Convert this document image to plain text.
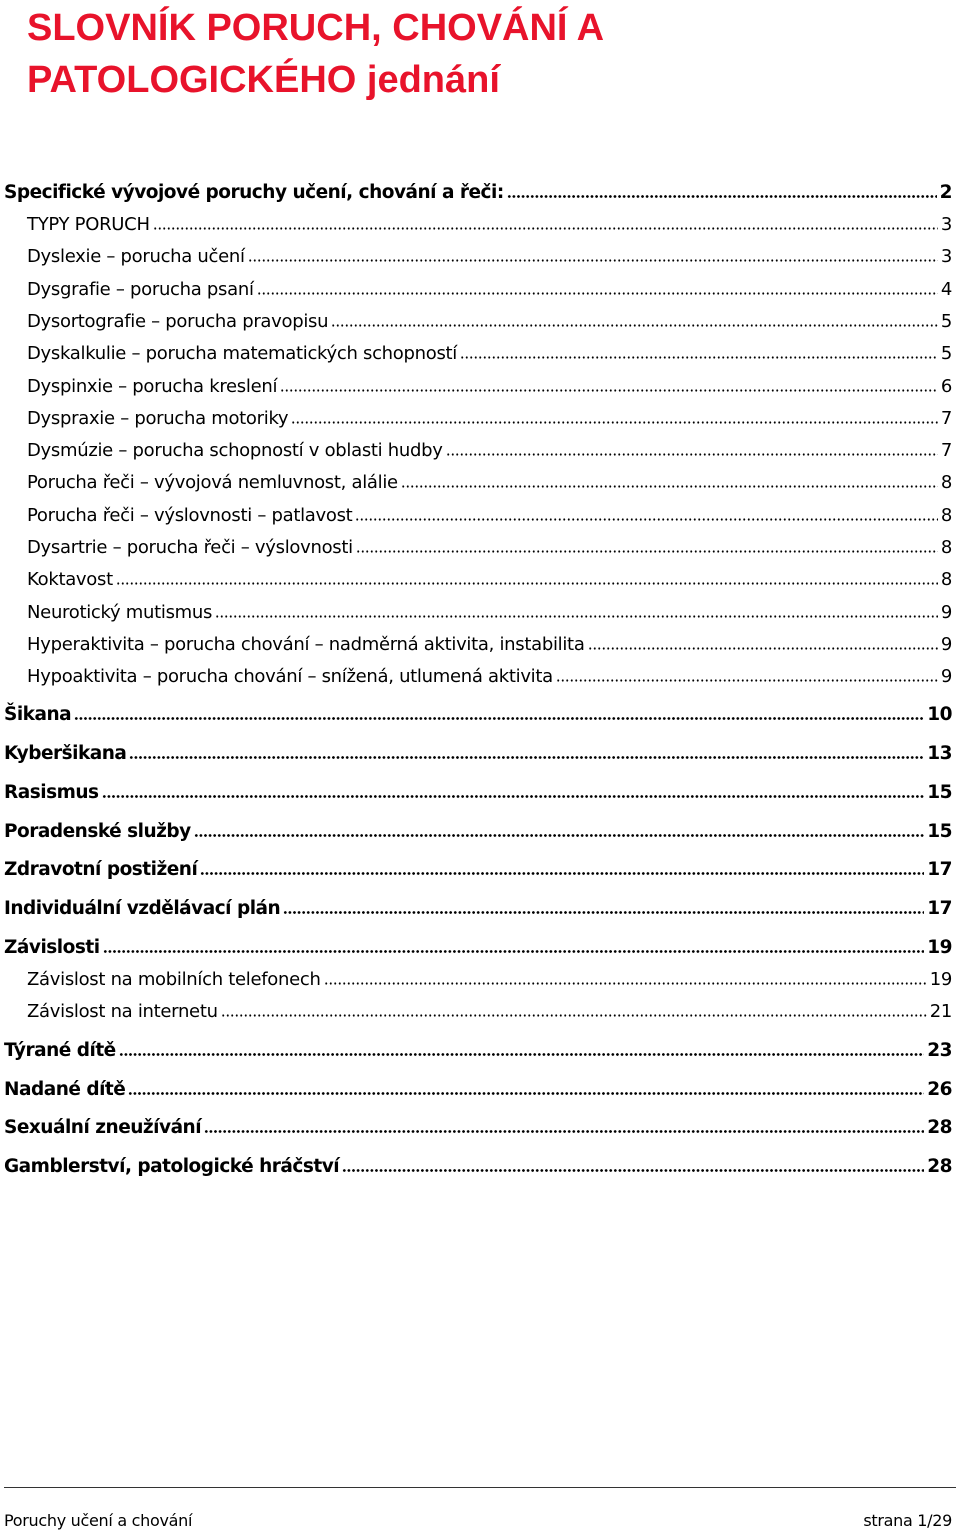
SLOVNÍK PORUCH, CHOVÁNÍ A PATOLOGICKÉHO jednání
Specifické vývojové poruchy učení, chování a řeči:	2
TYPY PORUCH	3
Dyslexie – porucha učení	3
Dysgrafie – porucha psaní	4
Dysortografie – porucha pravopisu	5
Dyskalkulie – porucha matematických schopností	5
Dyspinxie – porucha kreslení	6
Dyspraxie – porucha motoriky	7
Dysmúzie – porucha schopností v oblasti hudby	7
Porucha řeči – vývojová nemluvnost, alálie	8
Porucha řeči – výslovnosti – patlavost	8
Dysartrie – porucha řeči – výslovnosti	8
Koktavost	8
Neurotický mutismus	9
Hyperaktivita – porucha chování – nadměrná aktivita, instabilita	9
Hypoaktivita – porucha chování – snížená, utlumená aktivita	9
Šikana	10
Kyberšikana	13
Rasismus	15
Poradenské služby	15
Zdravotní postižení	17
Individuální vzdělávací plán	17
Závislosti	19
Závislost na mobilních telefonech	19
Závislost na internetu	21
Týrané dítě	23
Nadané dítě	26
Sexuální zneužívání	28
Gamblerství, patologické hráčství	28
Poruchy učení a chování	strana 1/29
